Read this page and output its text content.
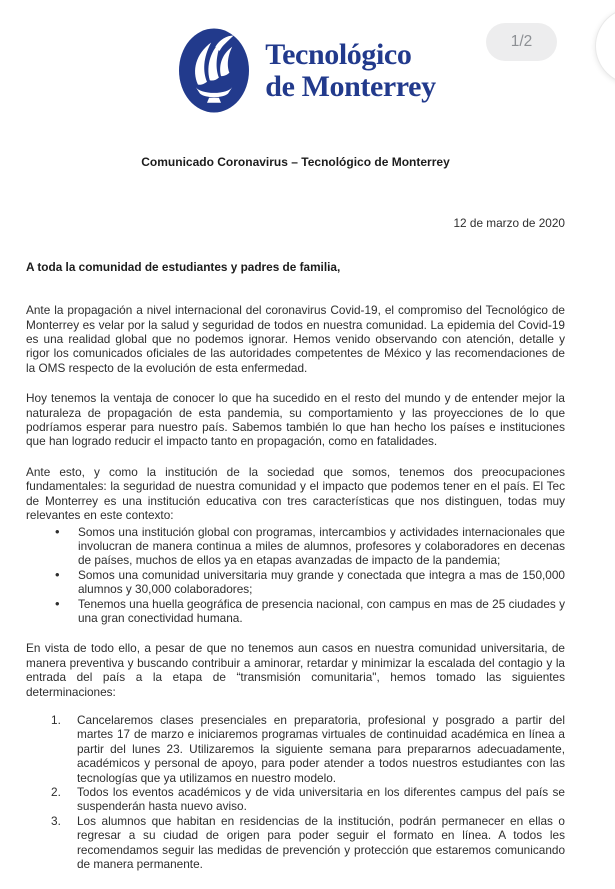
Tecnológico
de Monterrey
1/2
Comunicado Coronavirus – Tecnológico de Monterrey
12 de marzo de 2020
A toda la comunidad de estudiantes y padres de familia,

Ante la propagación a nivel internacional del coronavirus Covid-19, el compromiso del Tecnológico de Monterrey es velar por la salud y seguridad de todos en nuestra comunidad. La epidemia del Covid-19 es una realidad global que no podemos ignorar. Hemos venido observando con atención, detalle y rigor los comunicados oficiales de las autoridades competentes de México y las recomendaciones de la OMS respecto de la evolución de esta enfermedad.

Hoy tenemos la ventaja de conocer lo que ha sucedido en el resto del mundo y de entender mejor la naturaleza de propagación de esta pandemia, su comportamiento y las proyecciones de lo que podríamos esperar para nuestro país. Sabemos también lo que han hecho los países e instituciones que han logrado reducir el impacto tanto en propagación, como en fatalidades.

Ante esto, y como la institución de la sociedad que somos, tenemos dos preocupaciones fundamentales: la seguridad de nuestra comunidad y el impacto que podemos tener en el país. El Tec de Monterrey es una institución educativa con tres características que nos distinguen, todas muy relevantes en este contexto:

• Somos una institución global con programas, intercambios y actividades internacionales que involucran de manera continua a miles de alumnos, profesores y colaboradores en decenas de países, muchos de ellos ya en etapas avanzadas de impacto de la pandemia;
• Somos una comunidad universitaria muy grande y conectada que integra a mas de 150,000 alumnos y 30,000 colaboradores;
• Tenemos una huella geográfica de presencia nacional, con campus en mas de 25 ciudades y una gran conectividad humana.

En vista de todo ello, a pesar de que no tenemos aun casos en nuestra comunidad universitaria, de manera preventiva y buscando contribuir a aminorar, retardar y minimizar la escalada del contagio y la entrada del país a la etapa de “transmisión comunitaria", hemos tomado las siguientes determinaciones:

Cancelaremos clases presenciales en preparatoria, profesional y posgrado a partir del martes 17 de marzo e iniciaremos programas virtuales de continuidad académica en línea a partir del lunes 23. Utilizaremos la siguiente semana para prepararnos adecuadamente, académicos y personal de apoyo, para poder atender a todos nuestros estudiantes con las tecnologías que ya utilizamos en nuestro modelo.
Todos los eventos académicos y de vida universitaria en los diferentes campus del país se suspenderán hasta nuevo aviso.
Los alumnos que habitan en residencias de la institución, podrán permanecer en ellas o regresar a su ciudad de origen para poder seguir el formato en línea. A todos les recomendamos seguir las medidas de prevención y protección que estaremos comunicando de manera permanente.
